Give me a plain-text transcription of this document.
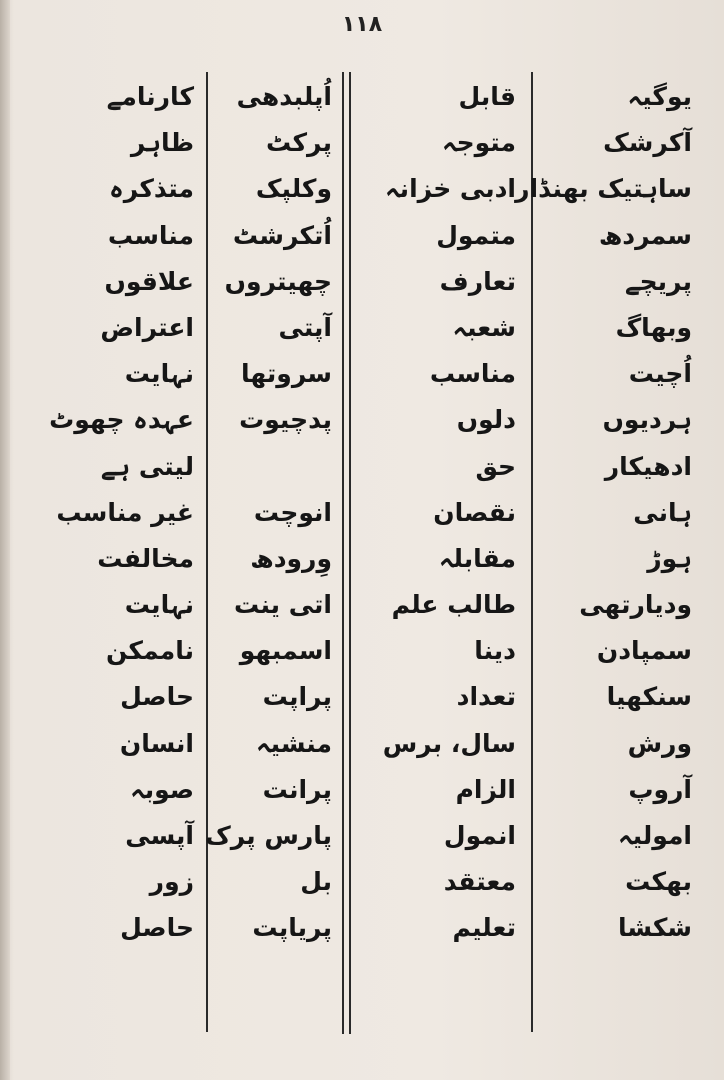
١١٨
یوگیہ
آکرشک
ساہتیک بھنڈار
سمردھ
پریچے
وبھاگ
اُچیت
ہردیوں
ادھیکار
ہانی
ہوڑ
ودیارتھی
سمپادن
سنکھیا
ورش
آروپ
امولیہ
بھکت
شکشا
قابل
متوجہ
ادبی خزانہ
متمول
تعارف
شعبہ
مناسب
دلوں
حق
نقصان
مقابلہ
طالب علم
دینا
تعداد
سال، برس
الزام
انمول
معتقد
تعلیم
اُپلبدھی
پرکٹ
وکلپک
اُتکرشٹ
چھیتروں
آپتی
سروتھا
پدچیوت
انوچت
وِرودھ
اتی ینت
اسمبھو
پراپت
منشیہ
پرانت
پارس پرک
بل
پریاپت
کارنامے
ظاہر
متذکرہ
مناسب
علاقوں
اعتراض
نہایت
عہدہ چھوٹ
لیتی ہے
غیر مناسب
مخالفت
نہایت
ناممکن
حاصل
انسان
صوبہ
آپسی
زور
حاصل
